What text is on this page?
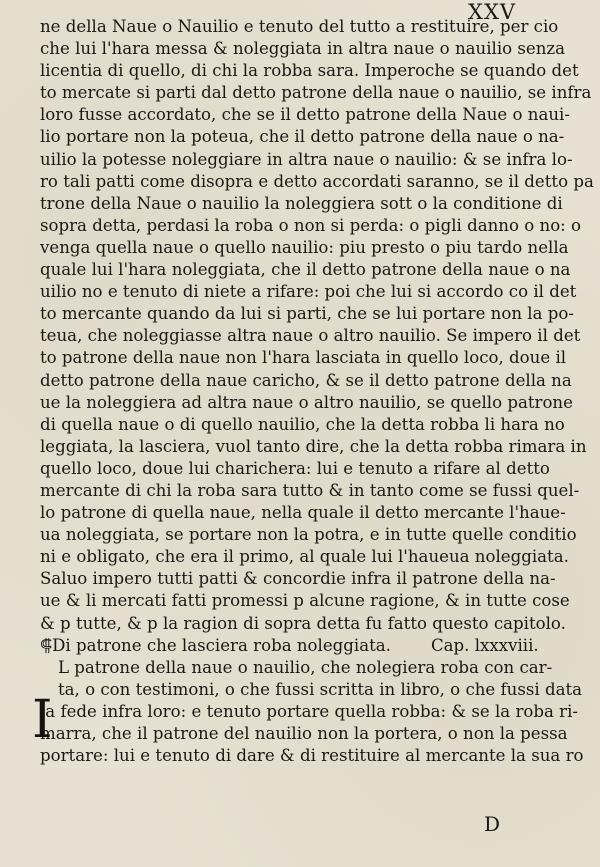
XXV
ne della Naue o Nauilio e tenuto del tutto a restituire, per cio
che lui l'hara messa & noleggiata in altra naue o nauilio senza
licentia di quello, di chi la robba sara. Imperoche se quando det
to mercate si parti dal detto patrone della naue o nauilio, se infra
loro fusse accordato, che se il detto patrone della Naue o naui-
lio portare non la poteua, che il detto patrone della naue o na-
uilio la potesse noleggiare in altra naue o nauilio: & se infra lo-
ro tali patti come disopra e detto accordati saranno, se il detto pa
trone della Naue o nauilio la noleggiera sott o la conditione di
sopra detta, perdasi la roba o non si perda: o pigli danno o no: o
venga quella naue o quello nauilio: piu presto o piu tardo nella
quale lui l'hara noleggiata, che il detto patrone della naue o na
uilio no e tenuto di niete a rifare: poi che lui si accordo co il det
to mercante quando da lui si parti, che se lui portare non la po-
teua, che noleggiasse altra naue o altro nauilio. Se impero il det
to patrone della naue non l'hara lasciata in quello loco, doue il
detto patrone della naue caricho, & se il detto patrone della na
ue la noleggiera ad altra naue o altro nauilio, se quello patrone
di quella naue o di quello nauilio, che la detta robba li hara no
leggiata, la lasciera, vuol tanto dire, che la detta robba rimara in
quello loco, doue lui charichera: lui e tenuto a rifare al detto
mercante di chi la roba sara tutto & in tanto come se fussi quel-
lo patrone di quella naue, nella quale il detto mercante l'haue-
ua noleggiata, se portare non la potra, e in tutte quelle conditio
ni e obligato, che era il primo, al quale lui l'haueua noleggiata.
Saluo impero tutti patti & concordie infra il patrone della na-
ue & li mercati fatti promessi p alcune ragione, & in tutte cose
& p tutte, & p la ragion di sopra detta fu fatto questo capitolo.
⸿Di patrone che lasciera roba noleggiata. Cap. lxxxviii.
L patrone della naue o nauilio, che nolegiera roba con car-
ta, o con testimoni, o che fussi scritta in libro, o che fussi data
la fede infra loro: e tenuto portare quella robba: & se la roba ri-
marra, che il patrone del nauilio non la portera, o non la pessa
portare: lui e tenuto di dare & di restituire al mercante la sua ro
I
D
